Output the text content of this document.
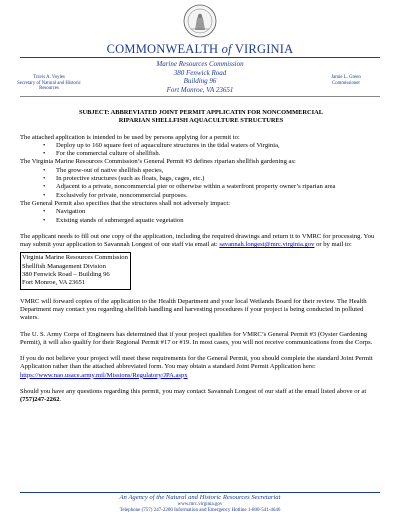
COMMONWEALTH of VIRGINIA
Marine Resources Commission
380 Fenwick Road
Building 96
Fort Monroe, VA 23651
Travis A. Voyles
Secretary of Natural and Historic
Resources
Jamie L. Green
Commissioner
SUBJECT: ABBREVIATED JOINT PERMIT APPLICATIN FOR NONCOMMERCIAL
RIPARIAN SHELLFISH AQUACULTURE STRUCTURES

The attached application is intended to be used by persons applying for a permit to:

• Deploy up to 160 square feet of aquaculture structures in the tidal waters of Virginia,
• For the commercial culture of shellfish.

The Virginia Marine Resources Commission’s General Permit #3 defines riparian shellfish gardening as:

• The grow-out of native shellfish species,
• In protective structures (such as floats, bags, cages, etc.)
• Adjacent to a private, noncommercial pier or otherwise within a waterfront property owner’s riparian area
• Exclusively for private, noncommercial purposes.

The General Permit also specifies that the structures shall not adversely impact:

• Navigation
• Existing stands of submerged aquatic vegetation

The applicant needs to fill out one copy of the application, including the required drawings and return it to VMRC for processing. You may submit your application to Savannah Longest of our staff via email at: savannah.longest@mrc.virginia.gov or by mail to:

Virginia Marine Resources Commission
Shellfish Management Division
380 Fenwick Road – Building 96
Fort Monroe, VA 23651

VMRC will forward copies of the application to the Health Department and your local Wetlands Board for their review. The Health Department may contact you regarding shellfish handling and harvesting procedures if your project is being conducted in polluted waters.

The U. S. Army Corps of Engineers has determined that if your project qualifies for VMRC’s General Permit #3 (Oyster Gardening Permit), it will also qualify for their Regional Permit #17 or #19. In most cases, you will not receive communications from the Corps.

If you do not believe your project will meet these requirements for the General Permit, you should complete the standard Joint Permit Application rather than the attached abbreviated form. You may obtain a standard Joint Permit Application here: https://www.nao.usace.army.mil/Missions/Regulatory/JPA.aspx

Should you have any questions regarding this permit, you may contact Savannah Longest of our staff at the email listed above or at (757)247-2262.

An Agency of the Natural and Historic Resources Secretariat
www.mrc.virginia.gov
Telephone (757) 247-2200 Information and Emergency Hotline 1-800-541-4646
